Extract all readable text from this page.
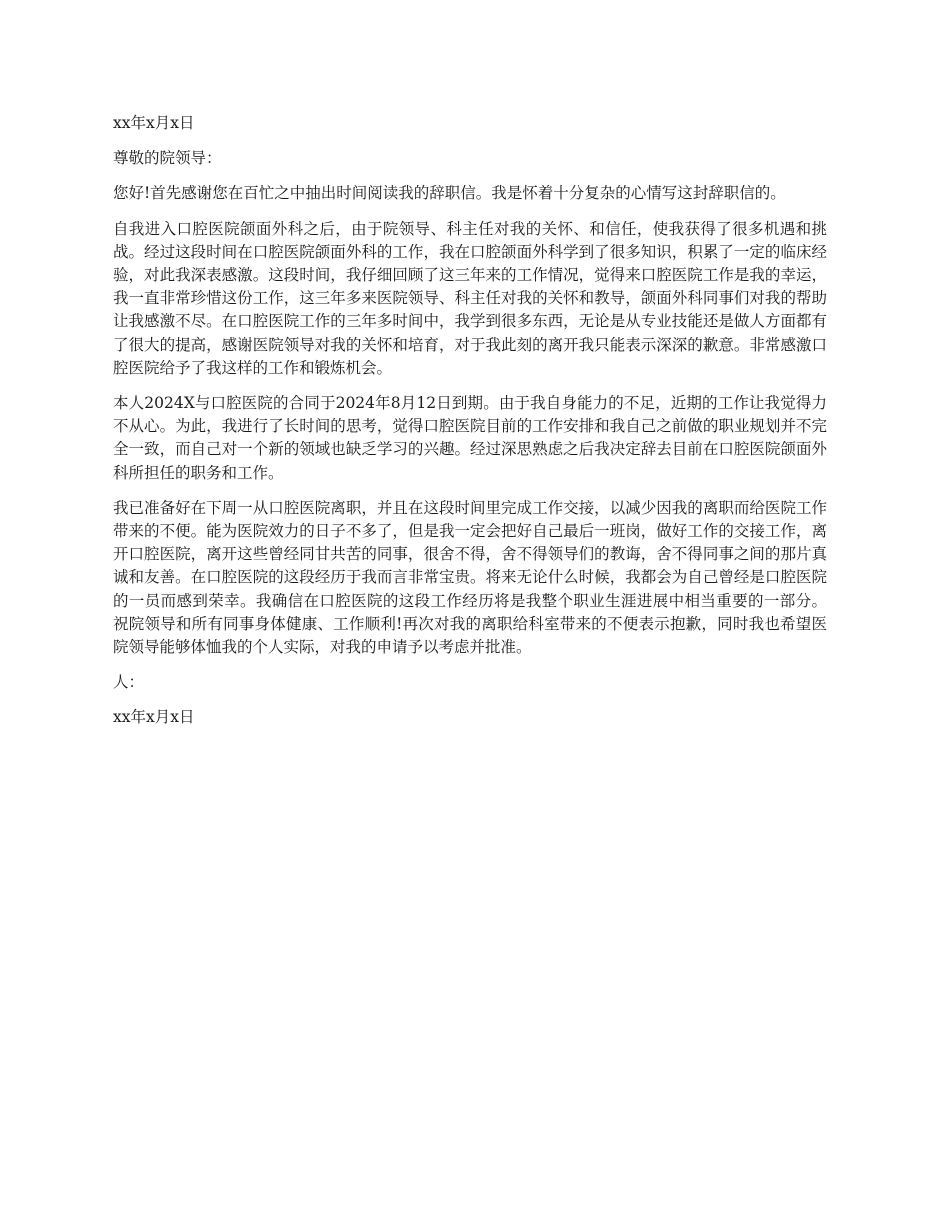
xx年x月x日

尊敬的院领导：

您好!首先感谢您在百忙之中抽出时间阅读我的辞职信。我是怀着十分复杂的心情写这封辞职信的。

自我进入口腔医院颌面外科之后，由于院领导、科主任对我的关怀、和信任，使我获得了很多机遇和挑战。经过这段时间在口腔医院颌面外科的工作，我在口腔颌面外科学到了很多知识，积累了一定的临床经验，对此我深表感激。这段时间，我仔细回顾了这三年来的工作情况，觉得来口腔医院工作是我的幸运，我一直非常珍惜这份工作，这三年多来医院领导、科主任对我的关怀和教导，颌面外科同事们对我的帮助让我感激不尽。在口腔医院工作的三年多时间中，我学到很多东西，无论是从专业技能还是做人方面都有了很大的提高，感谢医院领导对我的关怀和培育，对于我此刻的离开我只能表示深深的歉意。非常感激口腔医院给予了我这样的工作和锻炼机会。

本人2024X与口腔医院的合同于2024年8月12日到期。由于我自身能力的不足，近期的工作让我觉得力不从心。为此，我进行了长时间的思考，觉得口腔医院目前的工作安排和我自己之前做的职业规划并不完全一致，而自己对一个新的领域也缺乏学习的兴趣。经过深思熟虑之后我决定辞去目前在口腔医院颌面外科所担任的职务和工作。

我已准备好在下周一从口腔医院离职，并且在这段时间里完成工作交接，以减少因我的离职而给医院工作带来的不便。能为医院效力的日子不多了，但是我一定会把好自己最后一班岗，做好工作的交接工作，离开口腔医院，离开这些曾经同甘共苦的同事，很舍不得，舍不得领导们的教诲，舍不得同事之间的那片真诚和友善。在口腔医院的这段经历于我而言非常宝贵。将来无论什么时候，我都会为自己曾经是口腔医院的一员而感到荣幸。我确信在口腔医院的这段工作经历将是我整个职业生涯进展中相当重要的一部分。 祝院领导和所有同事身体健康、工作顺利!再次对我的离职给科室带来的不便表示抱歉，同时我也希望医院领导能够体恤我的个人实际，对我的申请予以考虑并批准。

人：

xx年x月x日
